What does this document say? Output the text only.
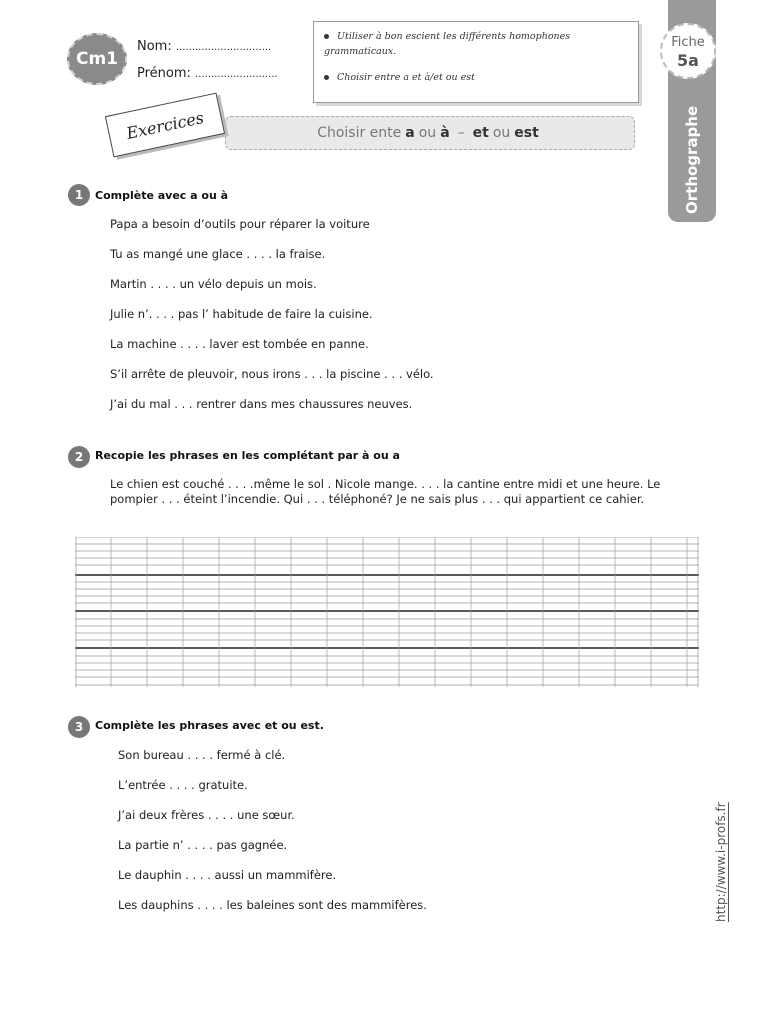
Cm1
Nom: ..............................
Prénom: ..........................
Utiliser à bon escient les différents homophones grammaticaux.
Choisir entre a et à/et ou est
Orthographe
Fiche
5a
Choisir ente a ou à – et ou est
Exercices
1	Complète avec a ou à
Papa a besoin d’outils pour réparer la voiture
Tu as mangé une glace . . . . la fraise.
Martin . . . . un vélo depuis un mois.
Julie n’. . . . pas l’ habitude de faire la cuisine.
La machine . . . . laver est tombée en panne.
S’il arrête de pleuvoir, nous irons . . . la piscine . . . vélo.
J’ai du mal . . . rentrer dans mes chaussures neuves.
2	Recopie les phrases en les complétant par à ou a
Le chien est couché . . . .même le sol . Nicole mange. . . . la cantine entre midi et une heure. Le pompier . . . éteint l’incendie. Qui . . . téléphoné? Je ne sais plus . . . qui appartient ce cahier.
3	Complète les phrases avec et ou est.
Son bureau . . . . fermé à clé.
L’entrée . . . . gratuite.
J’ai deux frères . . . . une sœur.
La partie n’ . . . . pas gagnée.
Le dauphin . . . . aussi un mammifère.
Les dauphins . . . . les baleines sont des mammifères.	http://www.i-profs.fr
